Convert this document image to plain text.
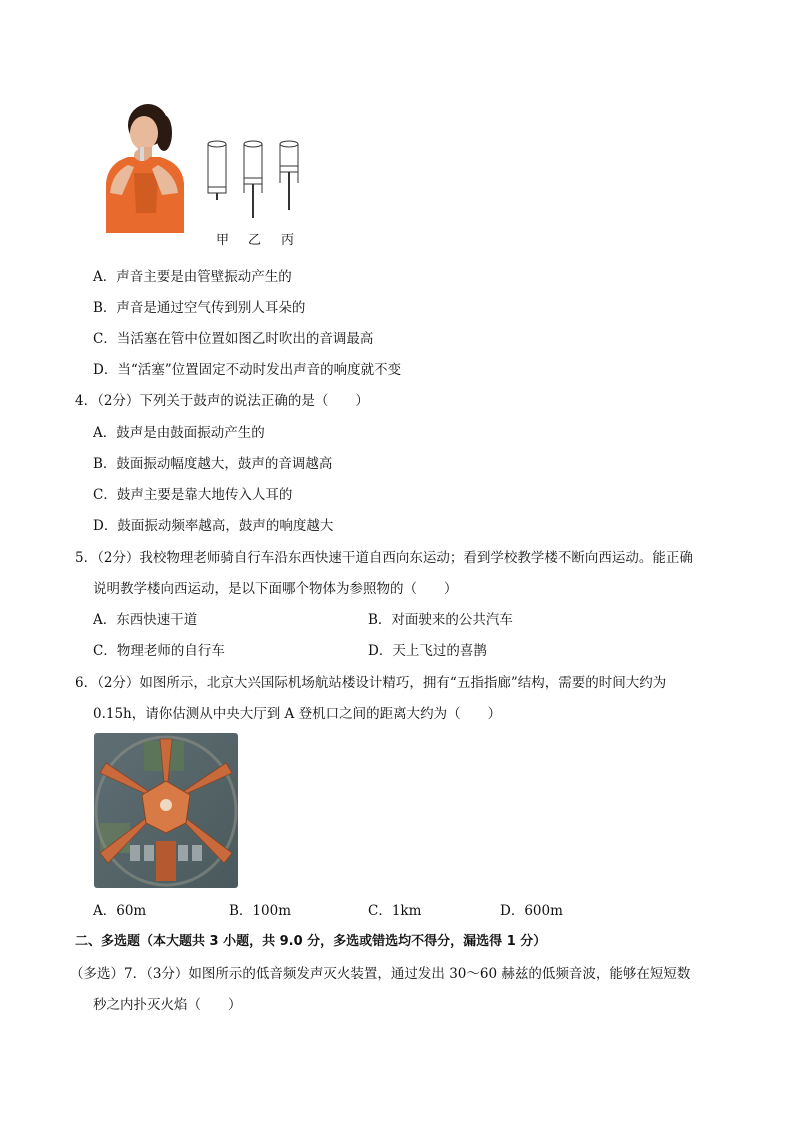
甲 乙 丙
A．声音主要是由管壁振动产生的
B．声音是通过空气传到别人耳朵的
C．当活塞在管中位置如图乙时吹出的音调最高
D．当“活塞”位置固定不动时发出声音的响度就不变
4．（2分）下列关于鼓声的说法正确的是（　　）
A．鼓声是由鼓面振动产生的
B．鼓面振动幅度越大，鼓声的音调越高
C．鼓声主要是靠大地传入人耳的
D．鼓面振动频率越高，鼓声的响度越大
5．（2分）我校物理老师骑自行车沿东西快速干道自西向东运动；看到学校教学楼不断向西运动。能正确
说明教学楼向西运动，是以下面哪个物体为参照物的（　　）
A．东西快速干道	B．对面驶来的公共汽车
C．物理老师的自行车	D．天上飞过的喜鹊
6．（2分）如图所示，北京大兴国际机场航站楼设计精巧，拥有“五指指廊”结构，需要的时间大约为
0.15h，请你估测从中央大厅到 A 登机口之间的距离大约为（　　）
A．60m	B．100m	C．1km	D．600m
二、多选题（本大题共 3 小题，共 9.0 分，多选或错选均不得分，漏选得 1 分）
（多选）7．（3分）如图所示的低音频发声灭火装置，通过发出 30～60 赫兹的低频音波，能够在短短数
秒之内扑灭火焰（　　）
